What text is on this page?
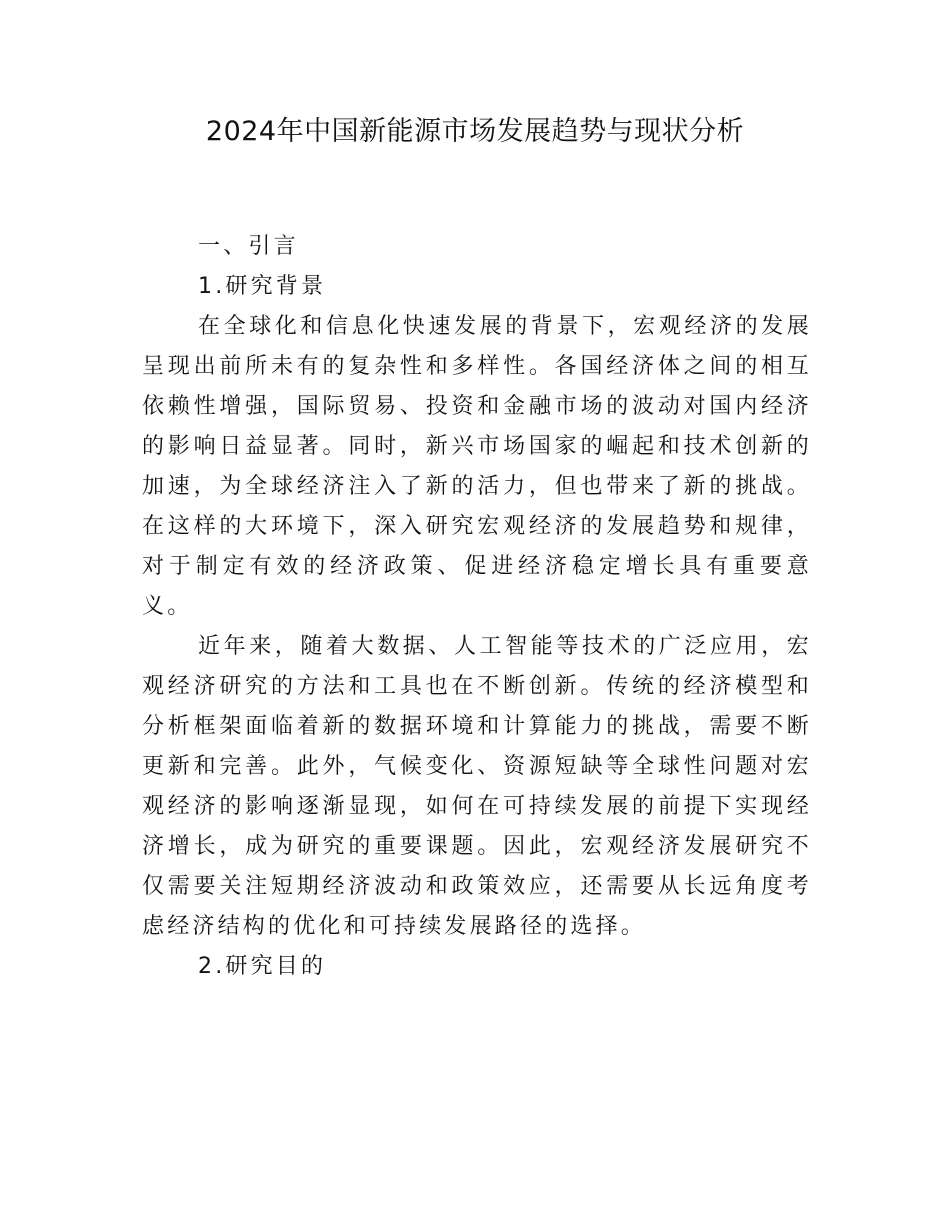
2024年中国新能源市场发展趋势与现状分析
一、引言
1.研究背景

在全球化和信息化快速发展的背景下，宏观经济的发展呈现出前所未有的复杂性和多样性。各国经济体之间的相互依赖性增强，国际贸易、投资和金融市场的波动对国内经济的影响日益显著。同时，新兴市场国家的崛起和技术创新的加速，为全球经济注入了新的活力，但也带来了新的挑战。在这样的大环境下，深入研究宏观经济的发展趋势和规律，对于制定有效的经济政策、促进经济稳定增长具有重要意义。

近年来，随着大数据、人工智能等技术的广泛应用，宏观经济研究的方法和工具也在不断创新。传统的经济模型和分析框架面临着新的数据环境和计算能力的挑战，需要不断更新和完善。此外，气候变化、资源短缺等全球性问题对宏观经济的影响逐渐显现，如何在可持续发展的前提下实现经济增长，成为研究的重要课题。因此，宏观经济发展研究不仅需要关注短期经济波动和政策效应，还需要从长远角度考虑经济结构的优化和可持续发展路径的选择。

2.研究目的
